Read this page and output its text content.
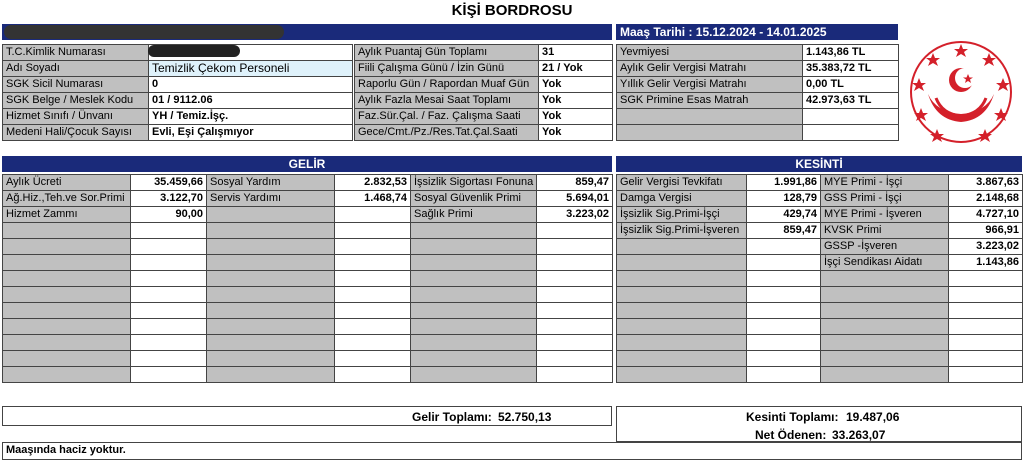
KİŞİ BORDROSU
Maaş Tarihi : 15.12.2024 - 14.01.2025
T.C.Kimlik Numarası	
Adı Soyadı	Temizlik Çekom Personeli
SGK Sicil Numarası	0
SGK Belge / Meslek Kodu	01 / 9112.06
Hizmet Sınıfı / Ünvanı	YH / Temiz.İşç.
Medeni Hali/Çocuk Sayısı	Evli, Eşi Çalışmıyor
Aylık Puantaj Gün Toplamı	31
Fiili Çalışma Günü / İzin Günü	21 / Yok
Raporlu Gün / Rapordan Muaf Gün	Yok
Aylık Fazla Mesai Saat Toplamı	Yok
Faz.Sür.Çal. / Faz. Çalışma Saati	Yok
Gece/Cmt./Pz./Res.Tat.Çal.Saati	Yok
Yevmiyesi	1.143,86 TL
Aylık Gelir Vergisi Matrahı	35.383,72 TL
Yıllık Gelir Vergisi Matrahı	0,00 TL
SGK Primine Esas Matrah	42.973,63 TL

GELİR	KESİNTİ
Aylık Ücreti	35.459,66	Sosyal Yardım	2.832,53	İşsizlik Sigortası Fonuna	859,47
Ağ.Hiz.,Teh.ve Sor.Primi	3.122,70	Servis Yardımı	1.468,74	Sosyal Güvenlik Primi	5.694,01
Hizmet Zammı	90,00			Sağlık Primi	3.223,02

Gelir Vergisi Tevkifatı	1.991,86	MYE Primi - İşçi	3.867,63
Damga Vergisi	128,79	GSS Primi - İşçi	2.148,68
İşsizlik Sig.Primi-İşçi	429,74	MYE Primi - İşveren	4.727,10
İşsizlik Sig.Primi-İşveren	859,47	KVSK Primi	966,91
		GSSP -İşveren	3.223,02
		İşçi Sendikası Aidatı	1.143,86

Gelir Toplamı: 52.750,13	Kesinti Toplamı: 19.487,06
Net Ödenen: 33.263,07
Maaşında haciz yoktur.
